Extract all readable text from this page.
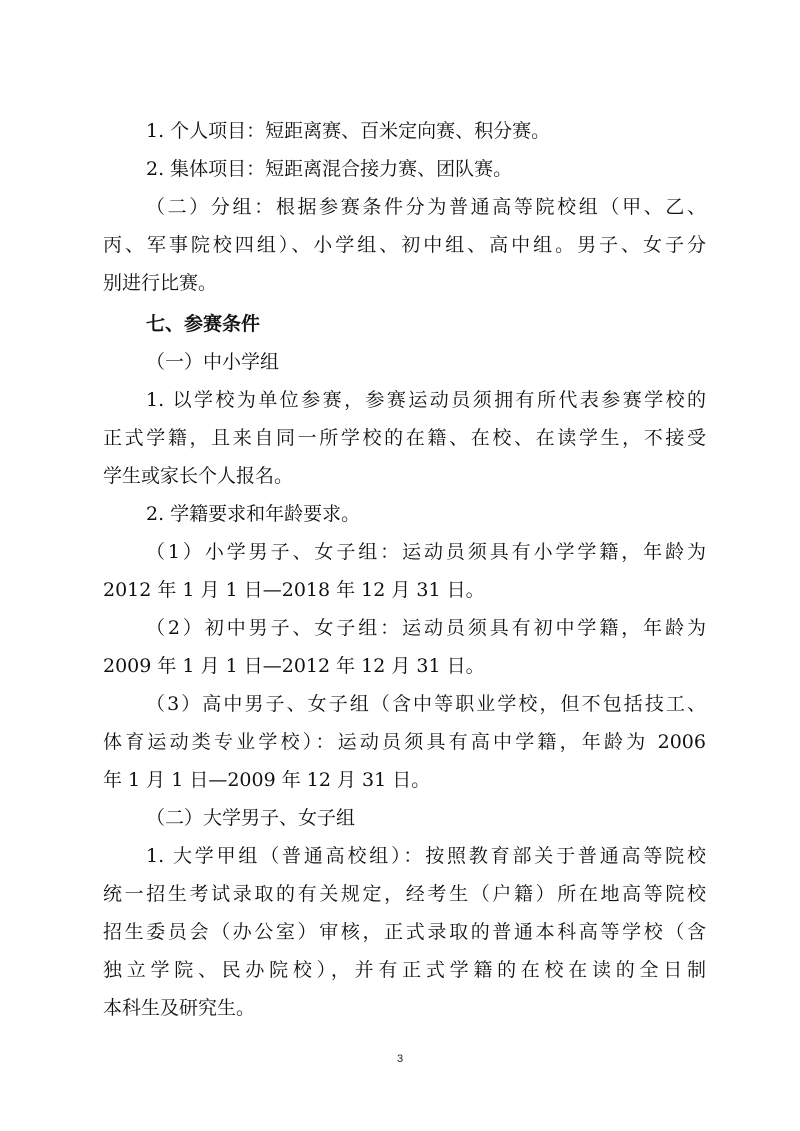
1. 个人项目：短距离赛、百米定向赛、积分赛。
2. 集体项目：短距离混合接力赛、团队赛。
（二）分组：根据参赛条件分为普通高等院校组（甲、乙、
丙、军事院校四组）、小学组、初中组、高中组。男子、女子分
别进行比赛。
七、参赛条件
（一）中小学组
1. 以学校为单位参赛，参赛运动员须拥有所代表参赛学校的
正式学籍，且来自同一所学校的在籍、在校、在读学生，不接受
学生或家长个人报名。
2. 学籍要求和年龄要求。
（1）小学男子、女子组：运动员须具有小学学籍，年龄为
2012 年 1 月 1 日—2018 年 12 月 31 日。
（2）初中男子、女子组：运动员须具有初中学籍，年龄为
2009 年 1 月 1 日—2012 年 12 月 31 日。
（3）高中男子、女子组（含中等职业学校，但不包括技工、
体育运动类专业学校）：运动员须具有高中学籍，年龄为 2006
年 1 月 1 日—2009 年 12 月 31 日。
（二）大学男子、女子组
1. 大学甲组（普通高校组）：按照教育部关于普通高等院校
统一招生考试录取的有关规定，经考生（户籍）所在地高等院校
招生委员会（办公室）审核，正式录取的普通本科高等学校（含
独立学院、民办院校），并有正式学籍的在校在读的全日制
本科生及研究生。
3
